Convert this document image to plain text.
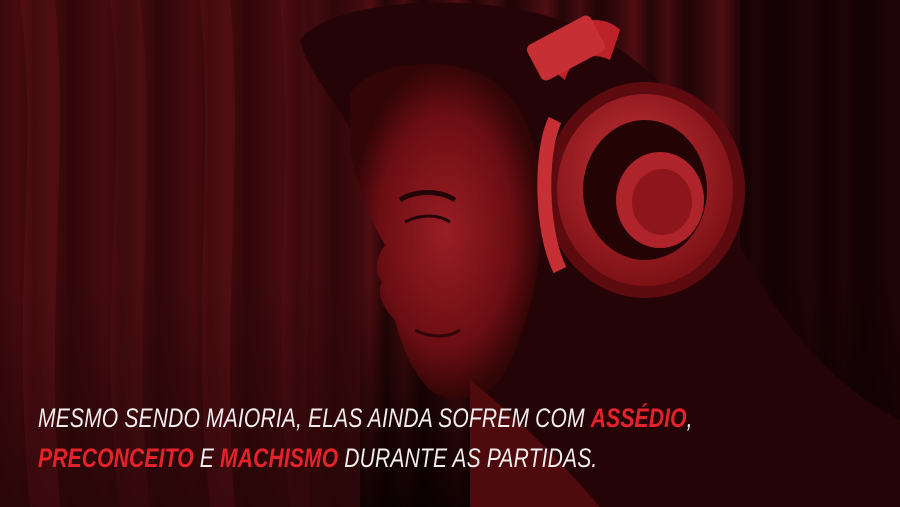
MESMO SENDO MAIORIA, ELAS AINDA SOFREM COM ASSÉDIO,
PRECONCEITO E MACHISMO DURANTE AS PARTIDAS.
